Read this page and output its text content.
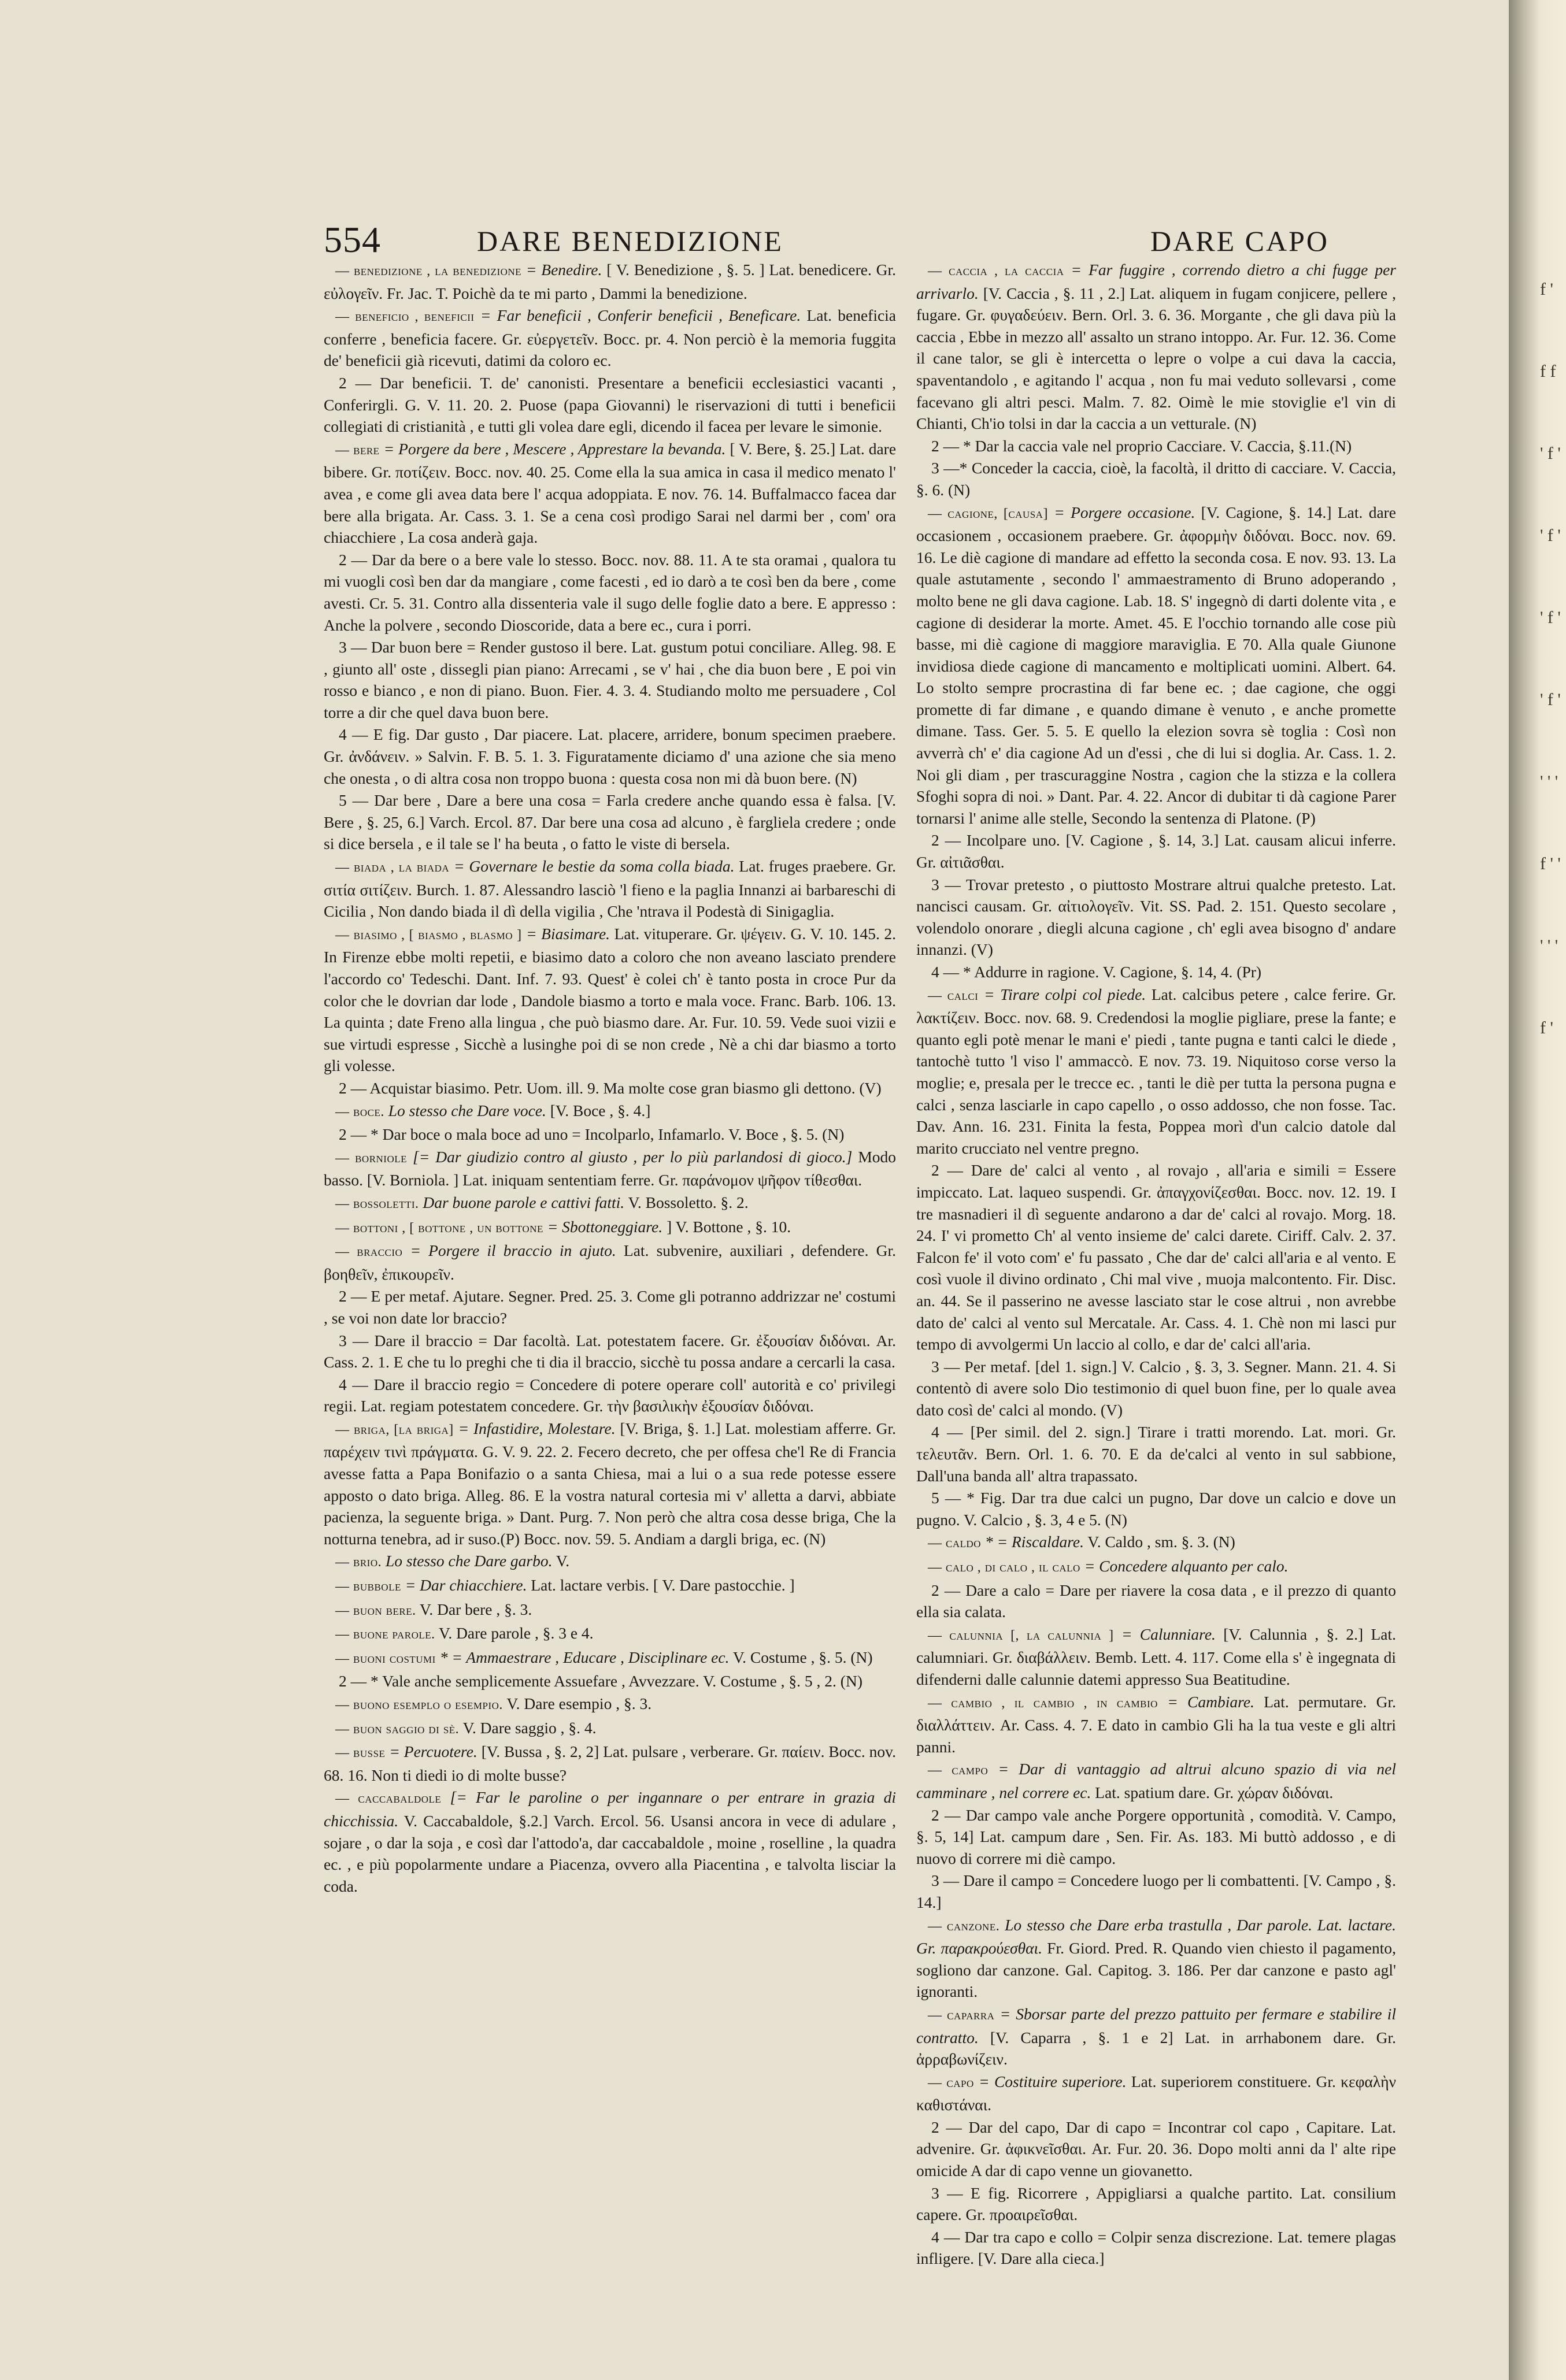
554	DARE BENEDIZIONE	DARE CAPO

— benedizione , la benedizione = Benedire. [ V. Benedizione , §. 5. ] Lat. benedicere. Gr. εὐλογεῖν. Fr. Jac. T. Poichè da te mi parto , Dammi la benedizione.

— beneficio , beneficii = Far beneficii , Conferir beneficii , Beneficare. Lat. beneficia conferre , beneficia facere. Gr. εὐεργετεῖν. Bocc. pr. 4. Non perciò è la memoria fuggita de' beneficii già ricevuti, datimi da coloro ec.

2 — Dar beneficii. T. de' canonisti. Presentare a beneficii ecclesiastici vacanti , Conferirgli. G. V. 11. 20. 2. Puose (papa Giovanni) le riservazioni di tutti i beneficii collegiati di cristianità , e tutti gli volea dare egli, dicendo il facea per levare le simonie.

— bere = Porgere da bere , Mescere , Apprestare la bevanda. [ V. Bere, §. 25.] Lat. dare bibere. Gr. ποτίζειν. Bocc. nov. 40. 25. Come ella la sua amica in casa il medico menato l' avea , e come gli avea data bere l' acqua adoppiata. E nov. 76. 14. Buffalmacco facea dar bere alla brigata. Ar. Cass. 3. 1. Se a cena così prodigo Sarai nel darmi ber , com' ora chiacchiere , La cosa anderà gaja.

2 — Dar da bere o a bere vale lo stesso. Bocc. nov. 88. 11. A te sta oramai , qualora tu mi vuogli così ben dar da mangiare , come facesti , ed io darò a te così ben da bere , come avesti. Cr. 5. 31. Contro alla dissenteria vale il sugo delle foglie dato a bere. E appresso : Anche la polvere , secondo Dioscoride, data a bere ec., cura i porri.

3 — Dar buon bere = Render gustoso il bere. Lat. gustum potui conciliare. Alleg. 98. E , giunto all' oste , dissegli pian piano: Arrecami , se v' hai , che dia buon bere , E poi vin rosso e bianco , e non di piano. Buon. Fier. 4. 3. 4. Studiando molto me persuadere , Col torre a dir che quel dava buon bere.

4 — E fig. Dar gusto , Dar piacere. Lat. placere, arridere, bonum specimen praebere. Gr. ἀνδάνειν. » Salvin. F. B. 5. 1. 3. Figuratamente diciamo d' una azione che sia meno che onesta , o di altra cosa non troppo buona : questa cosa non mi dà buon bere. (N)

5 — Dar bere , Dare a bere una cosa = Farla credere anche quando essa è falsa. [V. Bere , §. 25, 6.] Varch. Ercol. 87. Dar bere una cosa ad alcuno , è fargliela credere ; onde si dice bersela , e il tale se l' ha beuta , o fatto le viste di bersela.

— biada , la biada = Governare le bestie da soma colla biada. Lat. fruges praebere. Gr. σιτία σιτίζειν. Burch. 1. 87. Alessandro lasciò 'l fieno e la paglia Innanzi ai barbareschi di Cicilia , Non dando biada il dì della vigilia , Che 'ntrava il Podestà di Sinigaglia.

— biasimo , [ biasmo , blasmo ] = Biasimare. Lat. vituperare. Gr. ψέγειν. G. V. 10. 145. 2. In Firenze ebbe molti repetii, e biasimo dato a coloro che non aveano lasciato prendere l'accordo co' Tedeschi. Dant. Inf. 7. 93. Quest' è colei ch' è tanto posta in croce Pur da color che le dovrian dar lode , Dandole biasmo a torto e mala voce. Franc. Barb. 106. 13. La quinta ; date Freno alla lingua , che può biasmo dare. Ar. Fur. 10. 59. Vede suoi vizii e sue virtudi espresse , Sicchè a lusinghe poi di se non crede , Nè a chi dar biasmo a torto gli volesse.

2 — Acquistar biasimo. Petr. Uom. ill. 9. Ma molte cose gran biasmo gli dettono. (V)

— boce. Lo stesso che Dare voce. [V. Boce , §. 4.]

2 — * Dar boce o mala boce ad uno = Incolparlo, Infamarlo. V. Boce , §. 5. (N)

— borniole [= Dar giudizio contro al giusto , per lo più parlandosi di gioco.] Modo basso. [V. Borniola. ] Lat. iniquam sententiam ferre. Gr. παράνομον ψῆφον τίθεσθαι.

— bossoletti. Dar buone parole e cattivi fatti. V. Bossoletto. §. 2.

— bottoni , [ bottone , un bottone = Sbottoneggiare. ] V. Bottone , §. 10.

— braccio = Porgere il braccio in ajuto. Lat. subvenire, auxiliari , defendere. Gr. βοηθεῖν, ἐπικουρεῖν.

2 — E per metaf. Ajutare. Segner. Pred. 25. 3. Come gli potranno addrizzar ne' costumi , se voi non date lor braccio?

3 — Dare il braccio = Dar facoltà. Lat. potestatem facere. Gr. ἐξουσίαν διδόναι. Ar. Cass. 2. 1. E che tu lo preghi che ti dia il braccio, sicchè tu possa andare a cercarli la casa.

4 — Dare il braccio regio = Concedere di potere operare coll' autorità e co' privilegi regii. Lat. regiam potestatem concedere. Gr. τὴν βασιλικὴν ἐξουσίαν διδόναι.

— briga, [la briga] = Infastidire, Molestare. [V. Briga, §. 1.] Lat. molestiam afferre. Gr. παρέχειν τινὶ πράγματα. G. V. 9. 22. 2. Fecero decreto, che per offesa che'l Re di Francia avesse fatta a Papa Bonifazio o a santa Chiesa, mai a lui o a sua rede potesse essere apposto o dato briga. Alleg. 86. E la vostra natural cortesia mi v' alletta a darvi, abbiate pacienza, la seguente briga. » Dant. Purg. 7. Non però che altra cosa desse briga, Che la notturna tenebra, ad ir suso.(P) Bocc. nov. 59. 5. Andiam a dargli briga, ec. (N)

— brio. Lo stesso che Dare garbo. V.

— bubbole = Dar chiacchiere. Lat. lactare verbis. [ V. Dare pastocchie. ]

— buon bere. V. Dar bere , §. 3.

— buone parole. V. Dare parole , §. 3 e 4.

— buoni costumi * = Ammaestrare , Educare , Disciplinare ec. V. Costume , §. 5. (N)

2 — * Vale anche semplicemente Assuefare , Avvezzare. V. Costume , §. 5 , 2. (N)

— buono esemplo o esempio. V. Dare esempio , §. 3.

— buon saggio di sè. V. Dare saggio , §. 4.

— busse = Percuotere. [V. Bussa , §. 2, 2] Lat. pulsare , verberare. Gr. παίειν. Bocc. nov. 68. 16. Non ti diedi io di molte busse?

— caccabaldole [= Far le paroline o per ingannare o per entrare in grazia di chicchissia. V. Caccabaldole, §.2.] Varch. Ercol. 56. Usansi ancora in vece di adulare , sojare , o dar la soja , e così dar l'attodo'a, dar caccabaldole , moine , roselline , la quadra ec. , e più popolarmente undare a Piacenza, ovvero alla Piacentina , e talvolta lisciar la coda.

— caccia , la caccia = Far fuggire , correndo dietro a chi fugge per arrivarlo. [V. Caccia , §. 11 , 2.] Lat. aliquem in fugam conjicere, pellere , fugare. Gr. φυγαδεύειν. Bern. Orl. 3. 6. 36. Morgante , che gli dava più la caccia , Ebbe in mezzo all' assalto un strano intoppo. Ar. Fur. 12. 36. Come il cane talor, se gli è intercetta o lepre o volpe a cui dava la caccia, spaventandolo , e agitando l' acqua , non fu mai veduto sollevarsi , come facevano gli altri pesci. Malm. 7. 82. Oimè le mie stoviglie e'l vin di Chianti, Ch'io tolsi in dar la caccia a un vetturale. (N)

2 — * Dar la caccia vale nel proprio Cacciare. V. Caccia, §.11.(N)

3 —* Conceder la caccia, cioè, la facoltà, il dritto di cacciare. V. Caccia, §. 6. (N)

— cagione, [causa] = Porgere occasione. [V. Cagione, §. 14.] Lat. dare occasionem , occasionem praebere. Gr. ἀφορμὴν διδόναι. Bocc. nov. 69. 16. Le diè cagione di mandare ad effetto la seconda cosa. E nov. 93. 13. La quale astutamente , secondo l' ammaestramento di Bruno adoperando , molto bene ne gli dava cagione. Lab. 18. S' ingegnò di darti dolente vita , e cagione di desiderar la morte. Amet. 45. E l'occhio tornando alle cose più basse, mi diè cagione di maggiore maraviglia. E 70. Alla quale Giunone invidiosa diede cagione di mancamento e moltiplicati uomini. Albert. 64. Lo stolto sempre procrastina di far bene ec. ; dae cagione, che oggi promette di far dimane , e quando dimane è venuto , e anche promette dimane. Tass. Ger. 5. 5. E quello la elezion sovra sè toglia : Così non avverrà ch' e' dia cagione Ad un d'essi , che di lui si doglia. Ar. Cass. 1. 2. Noi gli diam , per trascuraggine Nostra , cagion che la stizza e la collera Sfoghi sopra di noi. » Dant. Par. 4. 22. Ancor di dubitar ti dà cagione Parer tornarsi l' anime alle stelle, Secondo la sentenza di Platone. (P)

2 — Incolpare uno. [V. Cagione , §. 14, 3.] Lat. causam alicui inferre. Gr. αἰτιᾶσθαι.

3 — Trovar pretesto , o piuttosto Mostrare altrui qualche pretesto. Lat. nancisci causam. Gr. αἰτιολογεῖν. Vit. SS. Pad. 2. 151. Questo secolare , volendolo onorare , diegli alcuna cagione , ch' egli avea bisogno d' andare innanzi. (V)

4 — * Addurre in ragione. V. Cagione, §. 14, 4. (Pr)

— calci = Tirare colpi col piede. Lat. calcibus petere , calce ferire. Gr. λακτίζειν. Bocc. nov. 68. 9. Credendosi la moglie pigliare, prese la fante; e quanto egli potè menar le mani e' piedi , tante pugna e tanti calci le diede , tantochè tutto 'l viso l' ammaccò. E nov. 73. 19. Niquitoso corse verso la moglie; e, presala per le trecce ec. , tanti le diè per tutta la persona pugna e calci , senza lasciarle in capo capello , o osso addosso, che non fosse. Tac. Dav. Ann. 16. 231. Finita la festa, Poppea morì d'un calcio datole dal marito crucciato nel ventre pregno.

2 — Dare de' calci al vento , al rovajo , all'aria e simili = Essere impiccato. Lat. laqueo suspendi. Gr. ἀπαγχονίζεσθαι. Bocc. nov. 12. 19. I tre masnadieri il dì seguente andarono a dar de' calci al rovajo. Morg. 18. 24. I' vi prometto Ch' al vento insieme de' calci darete. Ciriff. Calv. 2. 37. Falcon fe' il voto com' e' fu passato , Che dar de' calci all'aria e al vento. E così vuole il divino ordinato , Chi mal vive , muoja malcontento. Fir. Disc. an. 44. Se il passerino ne avesse lasciato star le cose altrui , non avrebbe dato de' calci al vento sul Mercatale. Ar. Cass. 4. 1. Chè non mi lasci pur tempo di avvolgermi Un laccio al collo, e dar de' calci all'aria.

3 — Per metaf. [del 1. sign.] V. Calcio , §. 3, 3. Segner. Mann. 21. 4. Si contentò di avere solo Dio testimonio di quel buon fine, per lo quale avea dato così de' calci al mondo. (V)

4 — [Per simil. del 2. sign.] Tirare i tratti morendo. Lat. mori. Gr. τελευτᾶν. Bern. Orl. 1. 6. 70. E da de'calci al vento in sul sabbione, Dall'una banda all' altra trapassato.

5 — * Fig. Dar tra due calci un pugno, Dar dove un calcio e dove un pugno. V. Calcio , §. 3, 4 e 5. (N)

— caldo * = Riscaldare. V. Caldo , sm. §. 3. (N)

— calo , di calo , il calo = Concedere alquanto per calo.

2 — Dare a calo = Dare per riavere la cosa data , e il prezzo di quanto ella sia calata.

— calunnia [, la calunnia ] = Calunniare. [V. Calunnia , §. 2.] Lat. calumniari. Gr. διαβάλλειν. Bemb. Lett. 4. 117. Come ella s' è ingegnata di difenderni dalle calunnie datemi appresso Sua Beatitudine.

— cambio , il cambio , in cambio = Cambiare. Lat. permutare. Gr. διαλλάττειν. Ar. Cass. 4. 7. E dato in cambio Gli ha la tua veste e gli altri panni.

— campo = Dar di vantaggio ad altrui alcuno spazio di via nel camminare , nel correre ec. Lat. spatium dare. Gr. χώραν διδόναι.

2 — Dar campo vale anche Porgere opportunità , comodità. V. Campo, §. 5, 14] Lat. campum dare , Sen. Fir. As. 183. Mi buttò addosso , e di nuovo di correre mi diè campo.

3 — Dare il campo = Concedere luogo per li combattenti. [V. Campo , §. 14.]

— canzone. Lo stesso che Dare erba trastulla , Dar parole. Lat. lactare. Gr. παρακρούεσθαι. Fr. Giord. Pred. R. Quando vien chiesto il pagamento, sogliono dar canzone. Gal. Capitog. 3. 186. Per dar canzone e pasto agl' ignoranti.

— caparra = Sborsar parte del prezzo pattuito per fermare e stabilire il contratto. [V. Caparra , §. 1 e 2] Lat. in arrhabonem dare. Gr. ἀρραβωνίζειν.

— capo = Costituire superiore. Lat. superiorem constituere. Gr. κεφαλὴν καθιστάναι.

2 — Dar del capo, Dar di capo = Incontrar col capo , Capitare. Lat. advenire. Gr. ἀφικνεῖσθαι. Ar. Fur. 20. 36. Dopo molti anni da l' alte ripe omicide A dar di capo venne un giovanetto.

3 — E fig. Ricorrere , Appigliarsi a qualche partito. Lat. consilium capere. Gr. προαιρεῖσθαι.

4 — Dar tra capo e collo = Colpir senza discrezione. Lat. temere plagas infligere. [V. Dare alla cieca.]

f ' f f ' f ' ' f ' ' f ' ' f ' ' ' ' f ' ' ' ' ' f '
